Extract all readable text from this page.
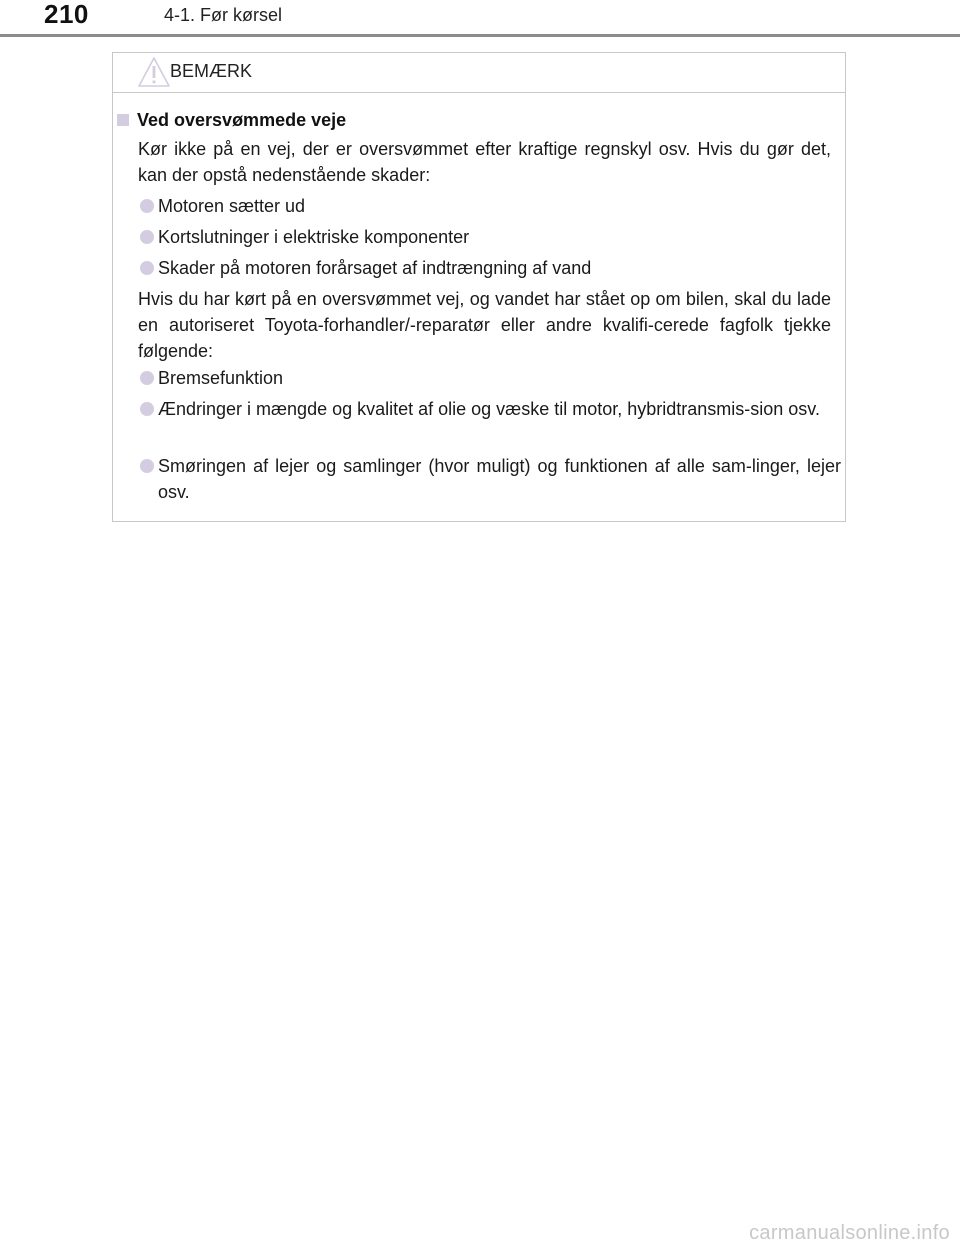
210	4-1. Før kørsel
BEMÆRK
Ved oversvømmede veje
Kør ikke på en vej, der er oversvømmet efter kraftige regnskyl osv. Hvis du gør det, kan der opstå nedenstående skader:
Motoren sætter ud
Kortslutninger i elektriske komponenter
Skader på motoren forårsaget af indtrængning af vand
Hvis du har kørt på en oversvømmet vej, og vandet har stået op om bilen, skal du lade en autoriseret Toyota-forhandler/-reparatør eller andre kvalifi-cerede fagfolk tjekke følgende:
Bremsefunktion
Ændringer i mængde og kvalitet af olie og væske til motor, hybridtransmis-sion osv.
Smøringen af lejer og samlinger (hvor muligt) og funktionen af alle sam-linger, lejer osv.
carmanualsonline.info
